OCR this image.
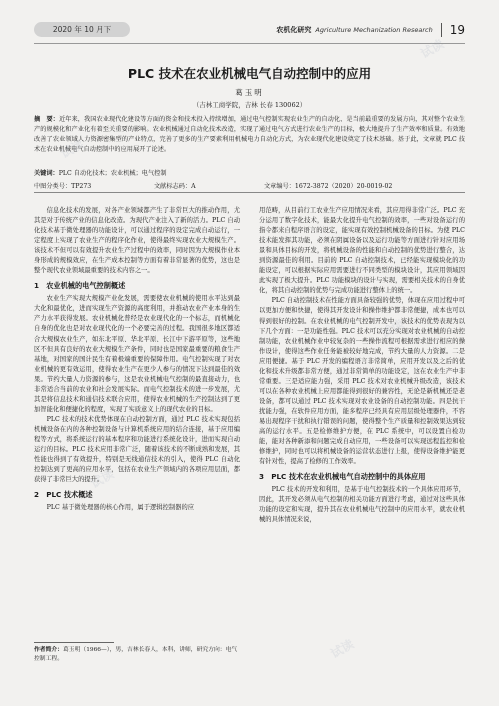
2020 年 10 月下	农机化研究 Agriculture Mechanization Research 19
PLC 技术在农业机械电气自动控制中的应用
葛玉明
（吉林工商学院，吉林 长春 130062）
摘　要：近年来，我国农业现代化建设等方面的资金和技术投入持续增加，通过电气控制实现农业生产的自动化、是当前最重要的发展方向，其对整个农业生产的规模化和产业化有着至关重要的影响。农业机械通过自动化技术改造，实现了通过电气方式进行农业生产的目标，极大地提升了生产效率和质量。有效地改善了农业领域人力资源密集型的产业特点，完善了更多的生产要素利用机械电力自动化方式，为农业现代化建设奠定了技术基础。基于此，文章就 PLC 技术在农业机械电气自动控制中的应用展开了论述。
关键词：PLC 自动化技术；农业机械；电气控制
中图分类号：TP273	文献标志码：A	文章编号：1672-3872（2020）20-0019-02

信息化技术的发展，对各产业领域都产生了非常巨大的推动作用，尤其是对于传统产业的信息化改造。为现代产业注入了新的活力。PLC 自动化技术基于微处理器的功能设计，可以通过程序的设定完成自动运行，一定程度上实现了农业生产的程序化作业，使得最终实现农业大规模生产。该技术不但可以有效提升农业生产过程中的效率，同时因为大规模作业本身形成的规模效应，在生产成本控制等方面有着非常显著的优势，这也是整个现代农业领域最重要的技术内容之一。

1　农业机械的电气控制概述

农业生产实现大规模产业化发展，需要使农业机械的使用水平达到最大化和最优化，进而实现生产资源的高度利用，并推动农业产业本身的生产力水平获得发展。农业机械化普经是农业现代化的一个标志，而机械化自身的优化也是对农业现代化的一个必要完善的过程。我国很多地区都适合大规模农业生产，如东北平原、华北平原、长江中下游平原等，这些地区不但具有良好的农业大规模生产条件，同时也是国家最重要的粮食生产基地，对国家的国计民生有着极端重要的保障作用。电气控制实现了对农业机械的更有效运用，使得农业生产在更少人参与的情况下达到最佳的效果。节约大量人力资源的参与，这是农业机械电气控制的最直接动力，也非常适合当前的农业和社会发展实际。而电气控制技术的进一步发展，尤其是将信息技术和通信技术联合应用，使得农业机械的生产控制达到了更加智能化和便捷化的程度，实现了实质意义上的现代农业的目标。

PLC 技术的技术优势体现在自动控制方面，通过 PLC 技术实现包括机械设备在内的各种控制设备与计算机系统应用的结合连接，基于应用编程等方式，将系统运行的基本程序和功能进行系统化设计，进而实现自动运行的目标。PLC 技术应用非常广泛，随着该技术的不断成熟和发展，其性能也得到了有效提升，特别是无线通信技术的引入，使得 PLC 自动化控制达到了更高的应用水平，包括在农业生产领域内的各项应用层面，都获得了非常巨大的提升。

2　PLC 技术概述

PLC 基于微处理器的核心作用，属于逻辑控制器的应

用范畴，从目前行工农业生产应用情况来看，其应用得非常广泛。PLC 充分运用了数字化技术，能最大化提升电气控制的效率，一些对设备运行的指令都来自程序语言的设定，能实现有效控制机械设备的目标。为使 PLC 技术能发挥其功能，必须在阴属设备以及运行功能等方面进行针对应用场景和具体目标的开发，将机械设备的性能和自动控制的优势进行整合，达到资源最佳的利用。目前的 PLC 自动控制技术，已经能实现模块化的功能设定，可以根据实际应用需要进行不同类型的模块设计，其应用领域因此实现了极大提升。PLC 功能模块的设计与实现，需要相关技术的自身优化，将其自动控制的优势与完成功能进行整体上的统一。

PLC 自动控制技术在性能方面具备较强的优势，体现在应用过程中可以更加方便和快捷，使得其开发设计和操作维护都非常便捷，成本也可以得到很好的控制。在农业机械的电气控制开发中，该技术的优势表现为以下几个方面：一是功能性强。PLC 技术可以充分实现对农业机械的自动控制功能，农业机械作业中较复杂的一些操作流程可根据需求进行相应的操作设计，使得这些作业任务能被较好地完成，节约大量的人力资源。二是应用便捷。基于 PLC 开发的编程语言非常简单，应用开发以及之后的优化和技术升级都非常方便，通过非常简单的功能设定，这在农业生产中非常重要。三是适应能力强，采用 PLC 技术对农业机械升级改造，该技术可以在各种农业机械上应用都能得到很好的兼容性，无论是新机械还是老设备，都可以通过 PLC 技术实现对农业设备的自动控制功能。四是抗干扰能力强，在软件应用方面，能多程序已经具有应用层级处理器件，不容易出现程序干扰和执行错误的问题，使得整个生产质量和控制效果达到较高的运行水平。五是检修维护方便，在 PLC 系统中，可以设置自检功能，能对各种新添和问题完成自动应用，一些设备可以实现远程监控和检修维护，同时也可以将机械设备的运营状态进行上报，使得设备维护能更有针对性，提高了检修的工作效率。

3　PLC 技术在农业机械电气自动控制中的具体应用

PLC 技术的开发和利用，是基于电气控制技术的一个具体应用环节，因此，其开发必须从电气控制的相关功能方面进行考虑，通过对这些具体功能的设定和实现，提升其在农业机械电气控制中的应用水平，就农业机械的具体情况来说，

作者简介：葛玉明（1966—），男，吉林长春人，本科，讲师，研究方向：电气控制工程。
试读
试读
试读
试读
试读
